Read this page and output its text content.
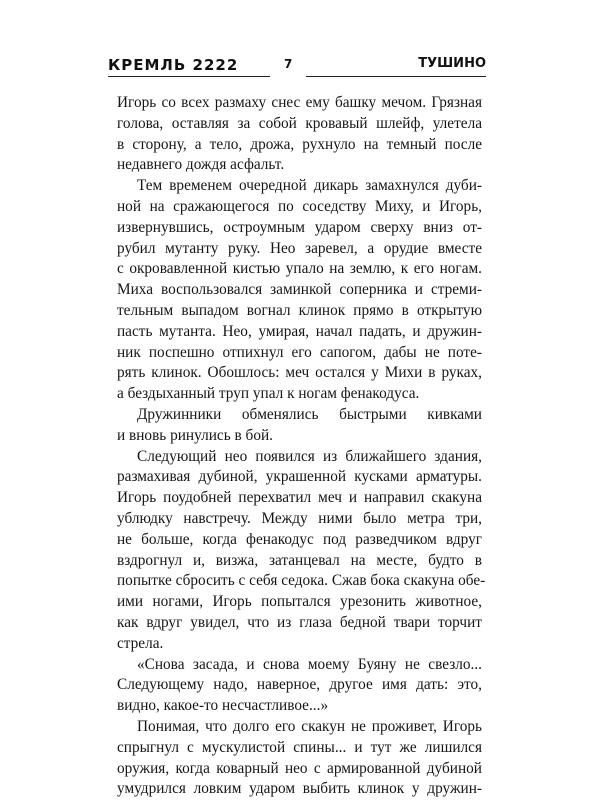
КРЕМЛЬ 2222	7	ТУШИНО
Игорь со всех размаху снес ему башку мечом. Грязная
голова, оставляя за собой кровавый шлейф, улетела
в сторону, а тело, дрожа, рухнуло на темный после
недавнего дождя асфальт.
Тем временем очередной дикарь замахнулся дуби-
ной на сражающегося по соседству Миху, и Игорь,
извернувшись, остроумным ударом сверху вниз от-
рубил мутанту руку. Нео заревел, а орудие вместе
с окровавленной кистью упало на землю, к его ногам.
Миха воспользовался заминкой соперника и стреми-
тельным выпадом вогнал клинок прямо в открытую
пасть мутанта. Нео, умирая, начал падать, и дружин-
ник поспешно отпихнул его сапогом, дабы не поте-
рять клинок. Обошлось: меч остался у Михи в руках,
а бездыханный труп упал к ногам фенакодуса.
Дружинники обменялись быстрыми кивками
и вновь ринулись в бой.
Следующий нео появился из ближайшего здания,
размахивая дубиной, украшенной кусками арматуры.
Игорь поудобней перехватил меч и направил скакуна
ублюдку навстречу. Между ними было метра три,
не больше, когда фенакодус под разведчиком вдруг
вздрогнул и, визжа, затанцевал на месте, будто в
попытке сбросить с себя седока. Сжав бока скакуна обе-
ими ногами, Игорь попытался урезонить животное,
как вдруг увидел, что из глаза бедной твари торчит
стрела.
«Снова засада, и снова моему Буяну не свезло...
Следующему надо, наверное, другое имя дать: это,
видно, какое-то несчастливое...»
Понимая, что долго его скакун не проживет, Игорь
спрыгнул с мускулистой спины... и тут же лишился
оружия, когда коварный нео с армированной дубиной
умудрился ловким ударом выбить клинок у дружин-
